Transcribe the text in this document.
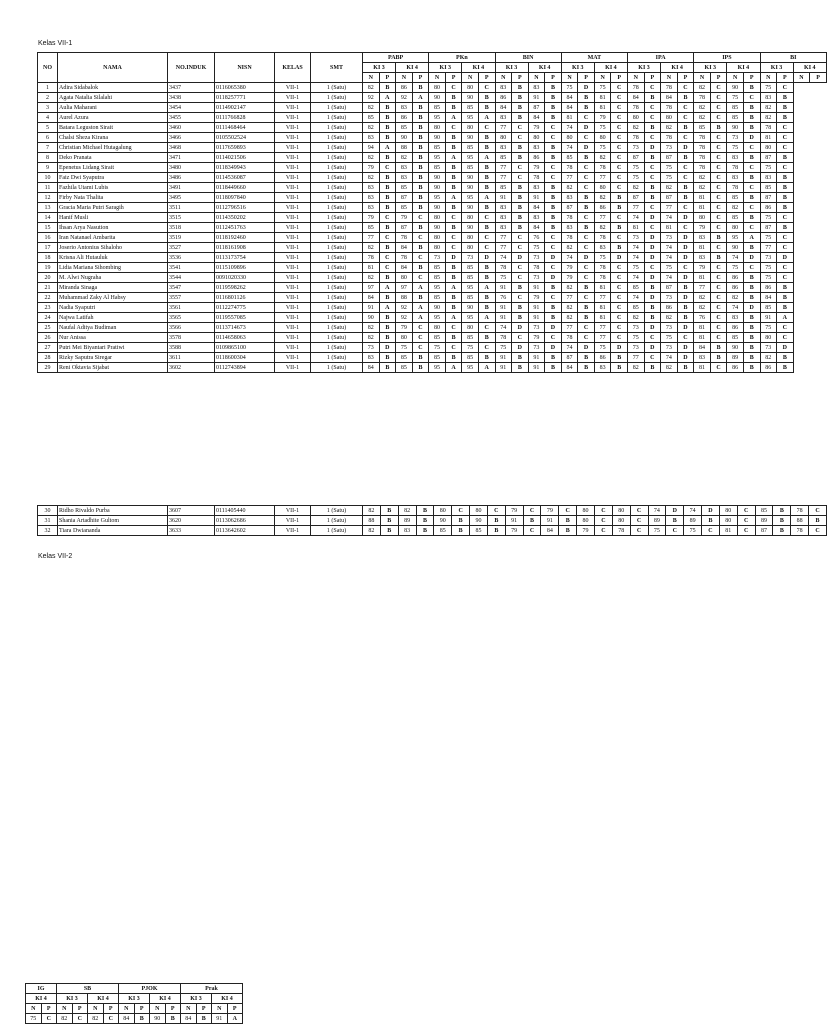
Kelas VII-1
NO	NAMA	NO.INDUK	NISN	KELAS	SMT	PABP				PKn				BIN				MAT				IPA				IPS				BI			
						KI 3		KI 4		KI 3		KI 4		KI 3		KI 4		KI 3		KI 4		KI 3		KI 4		KI 3		KI 4		KI 3		KI 4	
						N	P	N	P	N	P	N	P	N	P	N	P	N	P	N	P	N	P	N	P	N	P	N	P	N	P	N	P
1	Adira Sidabalok	3437	0116065380	VII-1	1 (Satu)	82	B	86	B	80	C	80	C	83	B	83	B	75	D	75	C	78	C	78	C	82	C	90	B	75	C		
2	Agata Natalia Silalahi	3438	0118257771	VII-1	1 (Satu)	92	A	92	A	90	B	90	B	86	B	91	B	84	B	81	C	84	B	84	B	78	C	75	C	83	B		
3	Aulia Maharani	3454	0114902147	VII-1	1 (Satu)	82	B	83	B	85	B	85	B	84	B	87	B	84	B	81	C	78	C	78	C	82	C	85	B	82	B		
4	Aurel Azura	3455	0111766828	VII-1	1 (Satu)	85	B	86	B	95	A	95	A	83	B	84	B	81	C	79	C	80	C	80	C	82	C	85	B	82	B		
5	Batara Leguston Sirait	3460	0111468464	VII-1	1 (Satu)	82	B	85	B	80	C	80	C	77	C	79	C	74	D	75	C	82	B	82	B	85	B	90	B	78	C		
6	Chalsi Sheza Kirana	3466	0105502524	VII-1	1 (Satu)	83	B	90	B	90	B	90	B	80	C	80	C	80	C	80	C	78	C	78	C	78	C	73	D	81	C		
7	Christian Michael Hutagalung	3468	0117659893	VII-1	1 (Satu)	94	A	88	B	85	B	85	B	83	B	83	B	74	D	75	C	73	D	73	D	78	C	75	C	80	C		
8	Deko Pranata	3471	0114021506	VII-1	1 (Satu)	82	B	82	B	95	A	95	A	85	B	86	B	85	B	82	C	87	B	87	B	78	C	83	B	87	B		
9	Epenetus Lidang Sirait	3480	0118349943	VII-1	1 (Satu)	79	C	83	B	85	B	85	B	77	C	79	C	78	C	78	C	75	C	75	C	78	C	78	C	75	C		
10	Faiz Dwi Syaputra	3486	0114536087	VII-1	1 (Satu)	82	B	83	B	90	B	90	B	77	C	78	C	77	C	77	C	75	C	75	C	82	C	83	B	83	B		
11	Fazhila Utami Lubis	3491	0118449660	VII-1	1 (Satu)	83	B	85	B	90	B	90	B	85	B	83	B	82	C	80	C	82	B	82	B	82	C	78	C	85	B		
12	Firby Nata Thalita	3495	0118097840	VII-1	1 (Satu)	83	B	87	B	95	A	95	A	91	B	91	B	83	B	82	B	87	B	87	B	81	C	85	B	87	B		
13	Gracia Maria Putri Saragih	3511	0112796516	VII-1	1 (Satu)	83	B	85	B	90	B	90	B	83	B	84	B	87	B	86	B	77	C	77	C	81	C	82	C	86	B		
14	Hanif Musli	3515	0114350202	VII-1	1 (Satu)	79	C	79	C	80	C	80	C	83	B	83	B	78	C	77	C	74	D	74	D	80	C	85	B	75	C		
15	Ihsan Arya Nasution	3518	0112451763	VII-1	1 (Satu)	85	B	87	B	90	B	90	B	83	B	84	B	83	B	82	B	81	C	81	C	79	C	80	C	87	B		
16	Iran Natanael Ambarita	3519	0118192460	VII-1	1 (Satu)	77	C	78	C	80	C	80	C	77	C	76	C	78	C	78	C	73	D	73	D	83	B	95	A	75	C		
17	Joserio Antonius Sihaloho	3527	0118161908	VII-1	1 (Satu)	82	B	84	B	80	C	80	C	77	C	75	C	82	C	83	B	74	D	74	D	81	C	90	B	77	C		
18	Krisna Ali Hutauluk	3536	0113173754	VII-1	1 (Satu)	78	C	78	C	73	D	73	D	74	D	73	D	74	D	75	D	74	D	74	D	83	B	74	D	73	D		
19	Lidia Mariana Sihombing	3541	0115109896	VII-1	1 (Satu)	81	C	84	B	85	B	85	B	78	C	78	C	79	C	78	C	75	C	75	C	79	C	75	C	75	C		
20	M. Alwi Nugraha	3544	0091020330	VII-1	1 (Satu)	82	B	80	C	85	B	85	B	75	C	73	D	79	C	78	C	74	D	74	D	81	C	86	B	75	C		
21	Miranda Sinaga	3547	0119598262	VII-1	1 (Satu)	97	A	97	A	95	A	95	A	91	B	91	B	82	B	81	C	85	B	87	B	77	C	86	B	86	B		
22	Muhammad Zaky Al Habsy	3557	0116801126	VII-1	1 (Satu)	84	B	88	B	85	B	85	B	76	C	79	C	77	C	77	C	74	D	73	D	82	C	82	B	84	B		
23	Nadia Syaputri	3561	0112274775	VII-1	1 (Satu)	91	A	92	A	90	B	90	B	91	B	91	B	82	B	81	C	85	B	86	B	82	C	74	D	85	B		
24	Najwa Latifah	3565	0119557085	VII-1	1 (Satu)	90	B	92	A	95	A	95	A	91	B	91	B	82	B	81	C	82	B	82	B	76	C	83	B	91	A		
25	Naufal Aditya Budiman	3566	0113714673	VII-1	1 (Satu)	82	B	79	C	80	C	80	C	74	D	73	D	77	C	77	C	73	D	73	D	81	C	86	B	75	C		
26	Nur Anissa	3578	0114658063	VII-1	1 (Satu)	82	B	80	C	85	B	85	B	78	C	79	C	78	C	77	C	75	C	75	C	81	C	85	B	80	C		
27	Putri Mei Biyantari Pratiwi	3588	0109865100	VII-1	1 (Satu)	73	D	75	C	75	C	75	C	75	D	73	D	74	D	75	D	73	D	73	D	84	B	90	B	73	D		
28	Rizky Saputra Siregar	3611	0118600304	VII-1	1 (Satu)	83	B	85	B	85	B	85	B	91	B	91	B	87	B	86	B	77	C	74	D	83	B	89	B	82	B		
29	Reni Oktavia Sijabat	3602	0112743894	VII-1	1 (Satu)	84	B	85	B	95	A	95	A	91	B	91	B	84	B	83	B	82	B	82	B	81	C	86	B	86	B		
30	Ridho Rivaldo Purba	3607	0111405440	VII-1	1 (Satu)	82	B	82	B	80	C	80	C	79	C	79	C	80	C	80	C	74	D	74	D	80	C	85	B	78	C
31	Shania Artadhite Gultom	3620	0113062686	VII-1	1 (Satu)	88	B	89	B	90	B	90	B	91	B	91	B	80	C	80	C	89	B	89	B	80	C	89	B	88	B
32	Tiara Dwiananda	3633	0113642602	VII-1	1 (Satu)	82	B	83	B	85	B	85	B	79	C	84	B	79	C	78	C	75	C	75	C	81	C	87	B	78	C
Kelas VII-2
IG		SB				PJOK				Prak			
KI 4		KI 3		KI 4		KI 3		KI 4		KI 3		KI 4	
N	P	N	P	N	P	N	P	N	P	N	P	N	P
75	C	82	C	82	C	84	B	90	B	84	B	91	A
